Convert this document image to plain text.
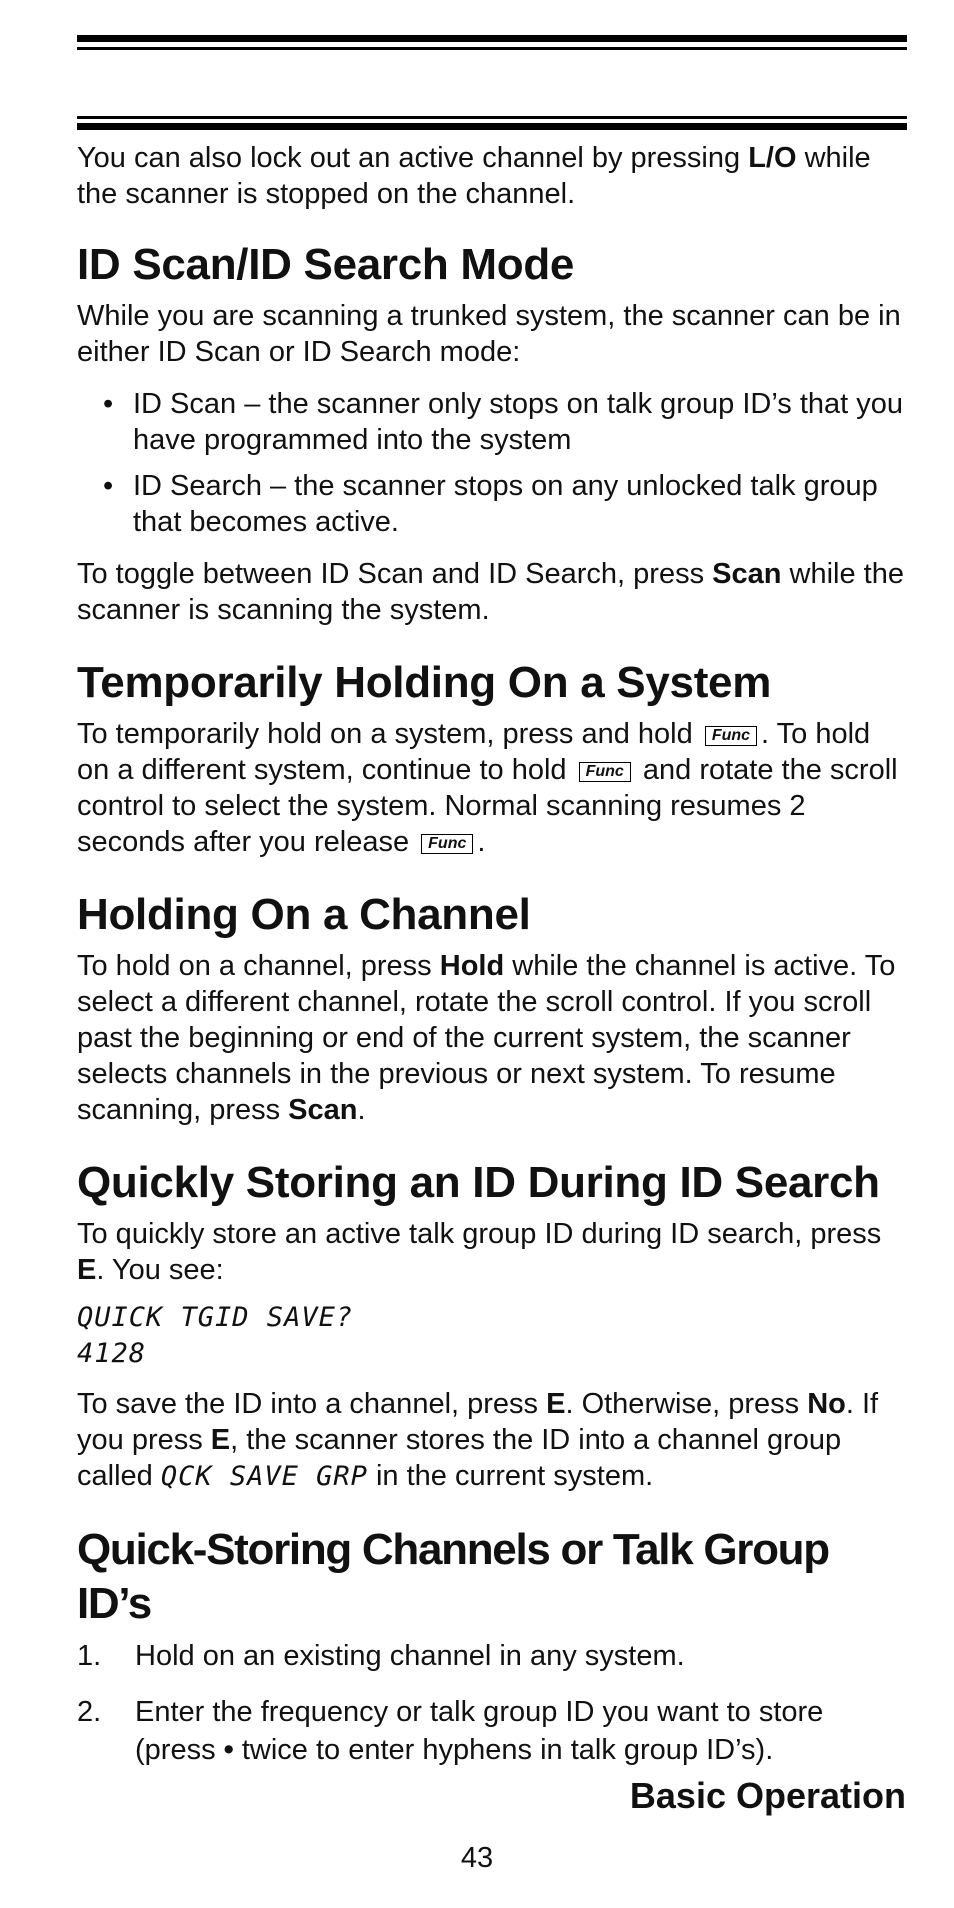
You can also lock out an active channel by pressing L/O while the scanner is stopped on the channel.

ID Scan/ID Search Mode

While you are scanning a trunked system, the scanner can be in either ID Scan or ID Search mode:

• ID Scan – the scanner only stops on talk group ID’s that you have programmed into the system
• ID Search – the scanner stops on any unlocked talk group that becomes active.

To toggle between ID Scan and ID Search, press Scan while the scanner is scanning the system.

Temporarily Holding On a System

To temporarily hold on a system, press and hold Func . To hold on a different system, continue to hold Func and rotate the scroll control to select the system. Normal scanning resumes 2 seconds after you release Func .

Holding On a Channel

To hold on a channel, press Hold while the channel is active. To select a different channel, rotate the scroll control. If you scroll past the beginning or end of the current system, the scanner selects channels in the previous or next system. To resume scanning, press Scan.

Quickly Storing an ID During ID Search

To quickly store an active talk group ID during ID search, press E. You see:

QUICK TGID SAVE?
4128

To save the ID into a channel, press E. Otherwise, press No. If you press E, the scanner stores the ID into a channel group called QCK SAVE GRP in the current system.

Quick-Storing Channels or Talk Group ID’s
1. Hold on an existing channel in any system.
2. Enter the frequency or talk group ID you want to store (press • twice to enter hyphens in talk group ID’s).
Basic Operation
43
